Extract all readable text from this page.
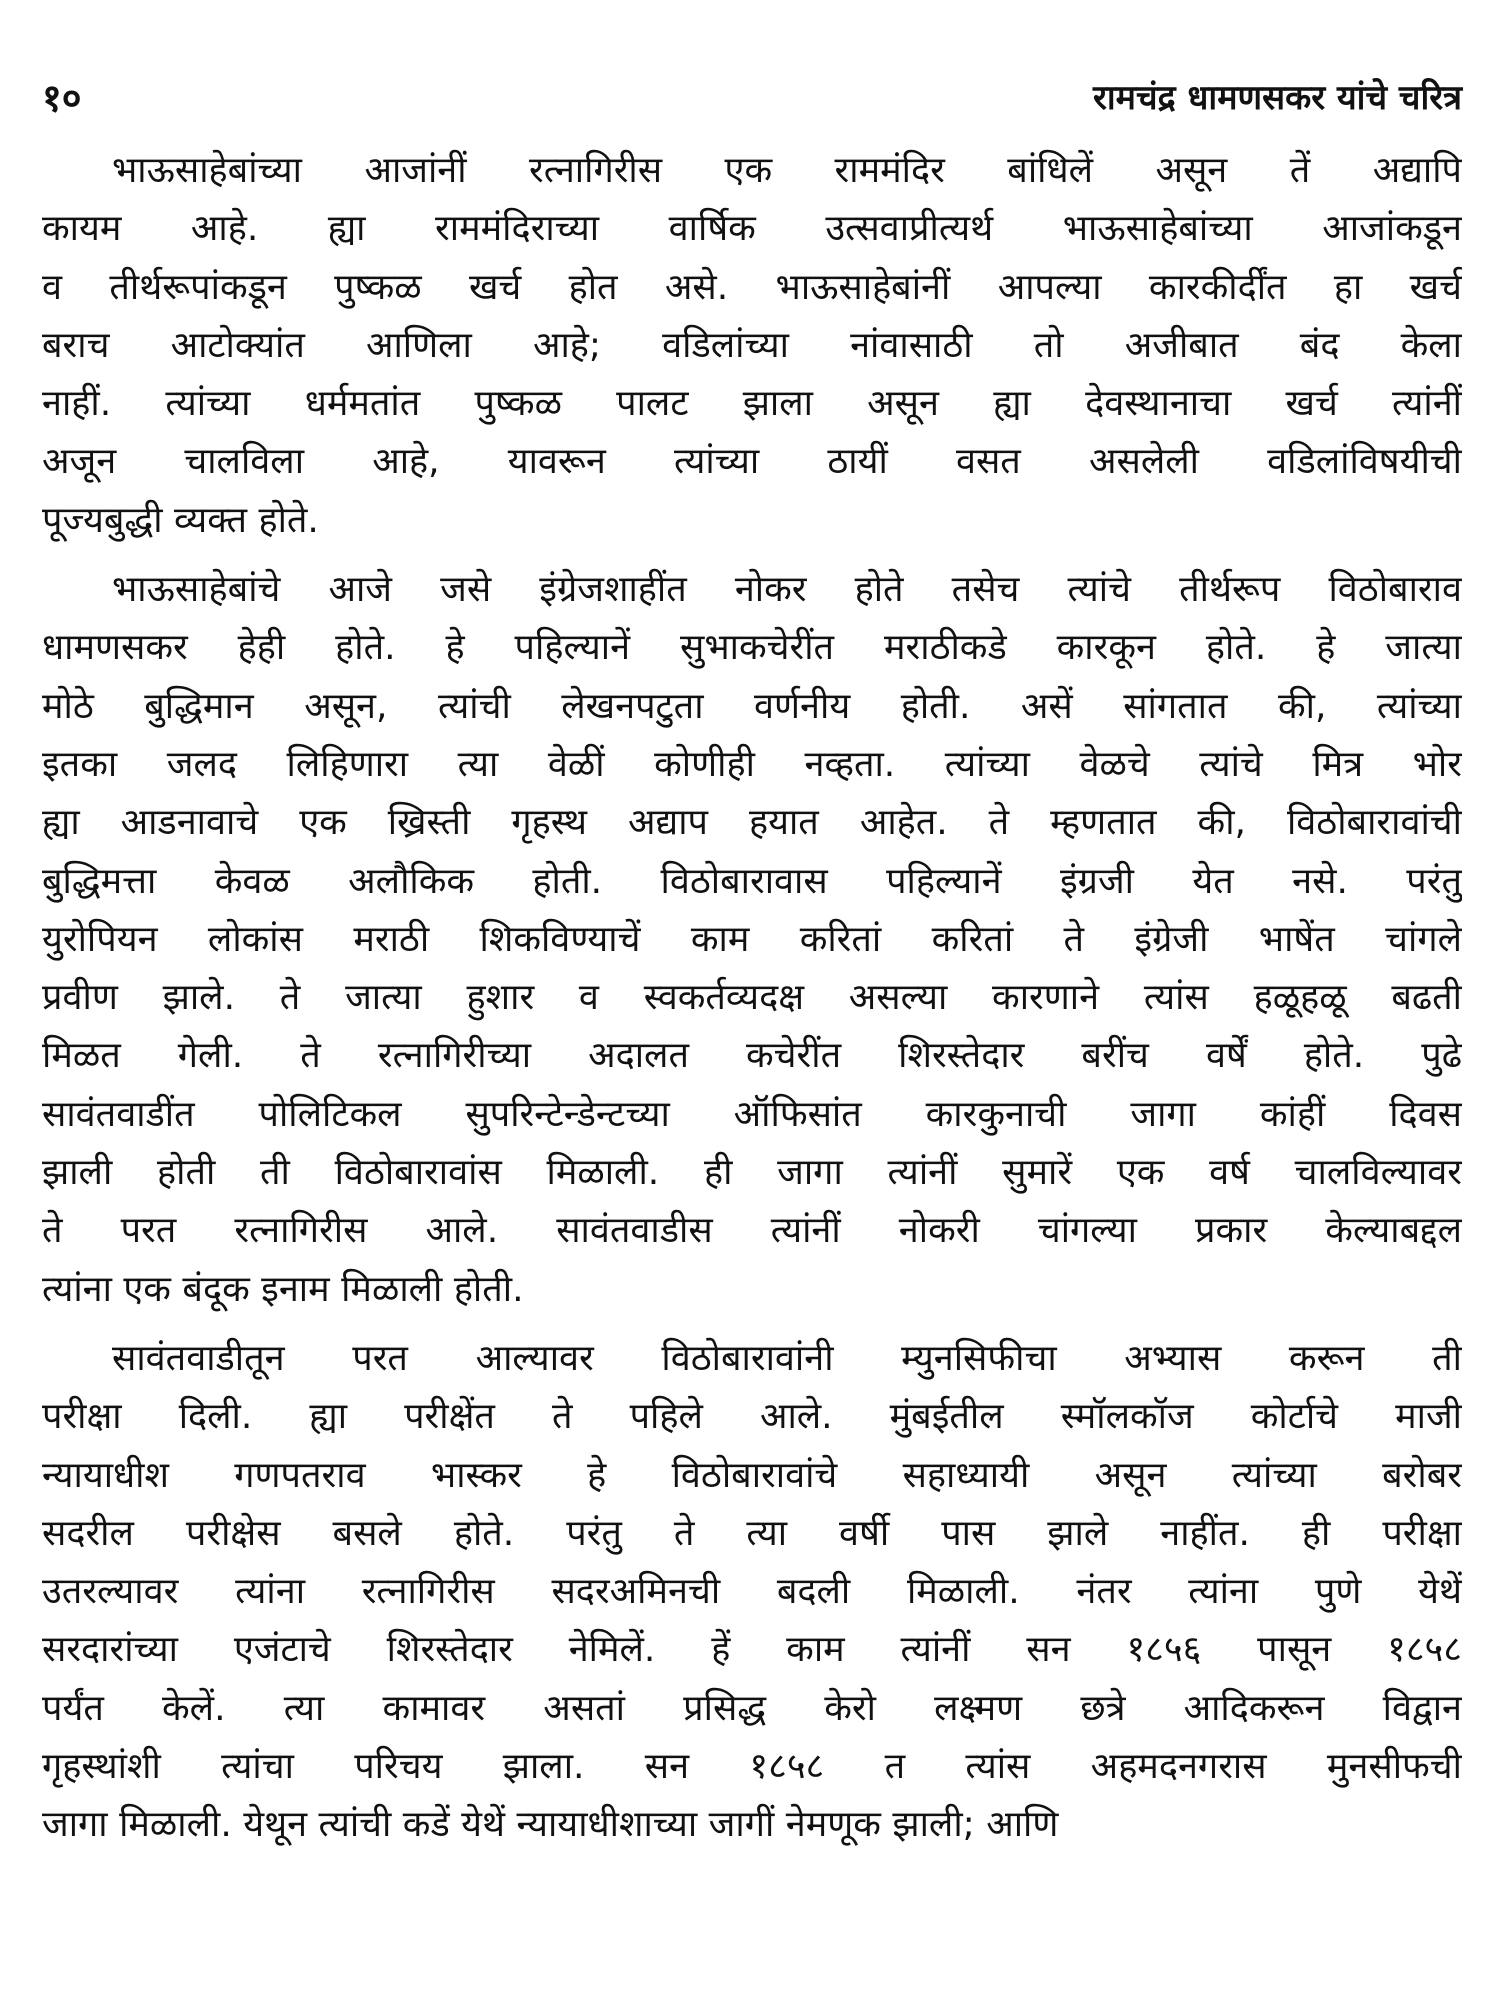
१०	रामचंद्र धामणसकर यांचे चरित्र
भाऊसाहेबांच्या आजांनीं रत्नागिरीस एक राममंदिर बांधिलें असून तें अद्यापि
कायम आहे. ह्या राममंदिराच्या वार्षिक उत्सवाप्रीत्यर्थ भाऊसाहेबांच्या आजांकडून
व तीर्थरूपांकडून पुष्कळ खर्च होत असे. भाऊसाहेबांनीं आपल्या कारकीर्दींत हा खर्च
बराच आटोक्यांत आणिला आहे; वडिलांच्या नांवासाठी तो अजीबात बंद केला
नाहीं. त्यांच्या धर्ममतांत पुष्कळ पालट झाला असून ह्या देवस्थानाचा खर्च त्यांनीं
अजून चालविला आहे, यावरून त्यांच्या ठायीं वसत असलेली वडिलांविषयीची
पूज्यबुद्धी व्यक्त होते.
भाऊसाहेबांचे आजे जसे इंग्रेजशाहींत नोकर होते तसेच त्यांचे तीर्थरूप विठोबाराव
धामणसकर हेही होते. हे पहिल्यानें सुभाकचेरींत मराठीकडे कारकून होते. हे जात्या
मोठे बुद्धिमान असून, त्यांची लेखनपटुता वर्णनीय होती. असें सांगतात की, त्यांच्या
इतका जलद लिहिणारा त्या वेळीं कोणीही नव्हता. त्यांच्या वेळचे त्यांचे मित्र भोर
ह्या आडनावाचे एक ख्रिस्ती गृहस्थ अद्याप हयात आहेत. ते म्हणतात की, विठोबारावांची
बुद्धिमत्ता केवळ अलौकिक होती. विठोबारावास पहिल्यानें इंग्रजी येत नसे. परंतु
युरोपियन लोकांस मराठी शिकविण्याचें काम करितां करितां ते इंग्रेजी भाषेंत चांगले
प्रवीण झाले. ते जात्या हुशार व स्वकर्तव्यदक्ष असल्या कारणाने त्यांस हळूहळू बढती
मिळत गेली. ते रत्नागिरीच्या अदालत कचेरींत शिरस्तेदार बरींच वर्षें होते. पुढे
सावंतवाडींत पोलिटिकल सुपरिन्टेन्डेन्टच्या ऑफिसांत कारकुनाची जागा कांहीं दिवस
झाली होती ती विठोबारावांस मिळाली. ही जागा त्यांनीं सुमारें एक वर्ष चालविल्यावर
ते परत रत्नागिरीस आले. सावंतवाडीस त्यांनीं नोकरी चांगल्या प्रकार केल्याबद्दल
त्यांना एक बंदूक इनाम मिळाली होती.
सावंतवाडीतून परत आल्यावर विठोबारावांनी म्युनसिफीचा अभ्यास करून ती
परीक्षा दिली. ह्या परीक्षेंत ते पहिले आले. मुंबईतील स्मॉलकॉज कोर्टाचे माजी
न्यायाधीश गणपतराव भास्कर हे विठोबारावांचे सहाध्यायी असून त्यांच्या बरोबर
सदरील परीक्षेस बसले होते. परंतु ते त्या वर्षी पास झाले नाहींत. ही परीक्षा
उतरल्यावर त्यांना रत्नागिरीस सदरअमिनची बदली मिळाली. नंतर त्यांना पुणे येथें
सरदारांच्या एजंटाचे शिरस्तेदार नेमिलें. हें काम त्यांनीं सन १८५६ पासून १८५८
पर्यंत केलें. त्या कामावर असतां प्रसिद्ध केरो लक्ष्मण छत्रे आदिकरून विद्वान
गृहस्थांशी त्यांचा परिचय झाला. सन १८५८ त त्यांस अहमदनगरास मुनसीफची
जागा मिळाली. येथून त्यांची कडें येथें न्यायाधीशाच्या जागीं नेमणूक झाली; आणि
